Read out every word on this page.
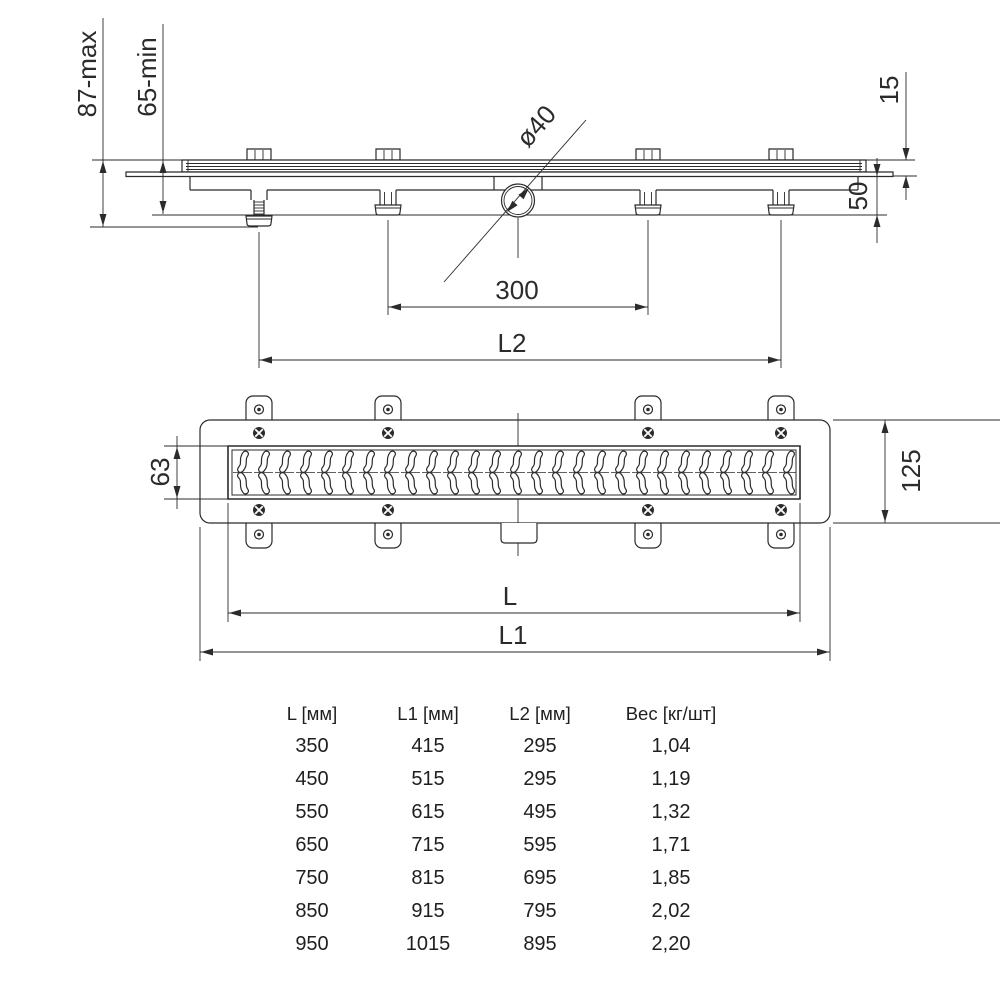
87-max 65-min	15
50
ø40
300
L2
63	125
L
L1
L [мм]	L1 [мм]	L2 [мм]	Вес [кг/шт]
350	415	295	1,04
450	515	295	1,19
550	615	495	1,32
650	715	595	1,71
750	815	695	1,85
850	915	795	2,02
950	1015	895	2,20
